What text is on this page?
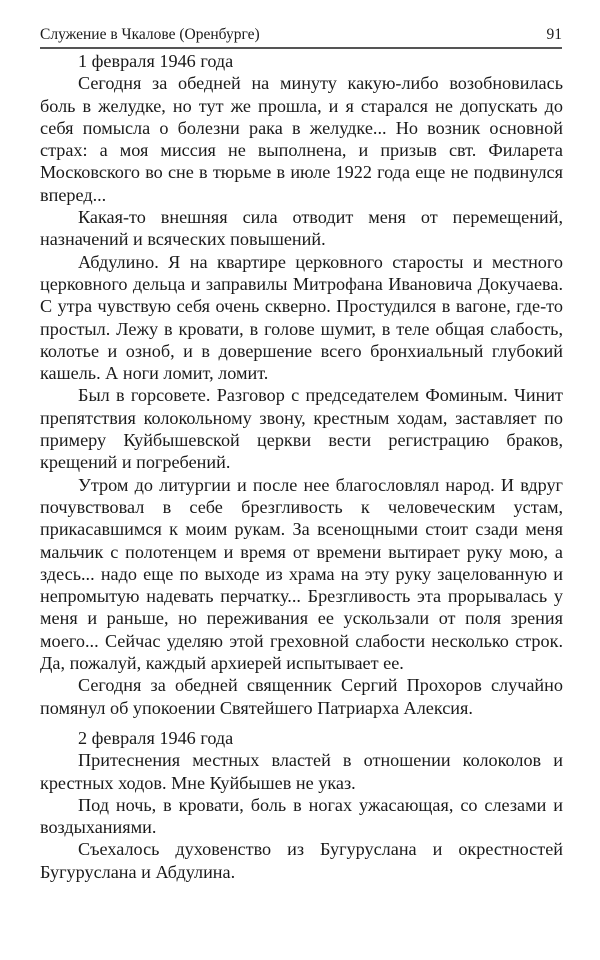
Служение в Чкалове (Оренбурге)	91

1 февраля 1946 года

Сегодня за обедней на минуту какую-либо возобновилась боль в желудке, но тут же прошла, и я старался не допускать до себя помысла о болезни рака в желудке... Но возник основной страх: а моя миссия не выполнена, и призыв свт. Филарета Московского во сне в тюрьме в июле 1922 года еще не подвинулся вперед...

Какая-то внешняя сила отводит меня от перемещений, назначений и всяческих повышений.

Абдулино. Я на квартире церковного старосты и местного церковного дельца и заправилы Митрофана Ивановича Докучаева. С утра чувствую себя очень скверно. Простудился в вагоне, где-то простыл. Лежу в кровати, в голове шумит, в теле общая слабость, колотье и озноб, и в довершение всего бронхиальный глубокий кашель. А ноги ломит, ломит.

Был в горсовете. Разговор с председателем Фоминым. Чинит препятствия колокольному звону, крестным ходам, заставляет по примеру Куйбышевской церкви вести регистрацию браков, крещений и погребений.

Утром до литургии и после нее благословлял народ. И вдруг почувствовал в себе брезгливость к человеческим устам, прикасавшимся к моим рукам. За всенощными стоит сзади меня мальчик с полотенцем и время от времени вытирает руку мою, а здесь... надо еще по выходе из храма на эту руку зацелованную и непромытую надевать перчатку... Брезгливость эта прорывалась у меня и раньше, но переживания ее ускользали от поля зрения моего... Сейчас уделяю этой греховной слабости несколько строк. Да, пожалуй, каждый архиерей испытывает ее.

Сегодня за обедней священник Сергий Прохоров случайно помянул об упокоении Святейшего Патриарха Алексия.

2 февраля 1946 года

Притеснения местных властей в отношении колоколов и крестных ходов. Мне Куйбышев не указ.

Под ночь, в кровати, боль в ногах ужасающая, со слезами и воздыханиями.

Съехалось духовенство из Бугуруслана и окрестностей Бугуруслана и Абдулина.
